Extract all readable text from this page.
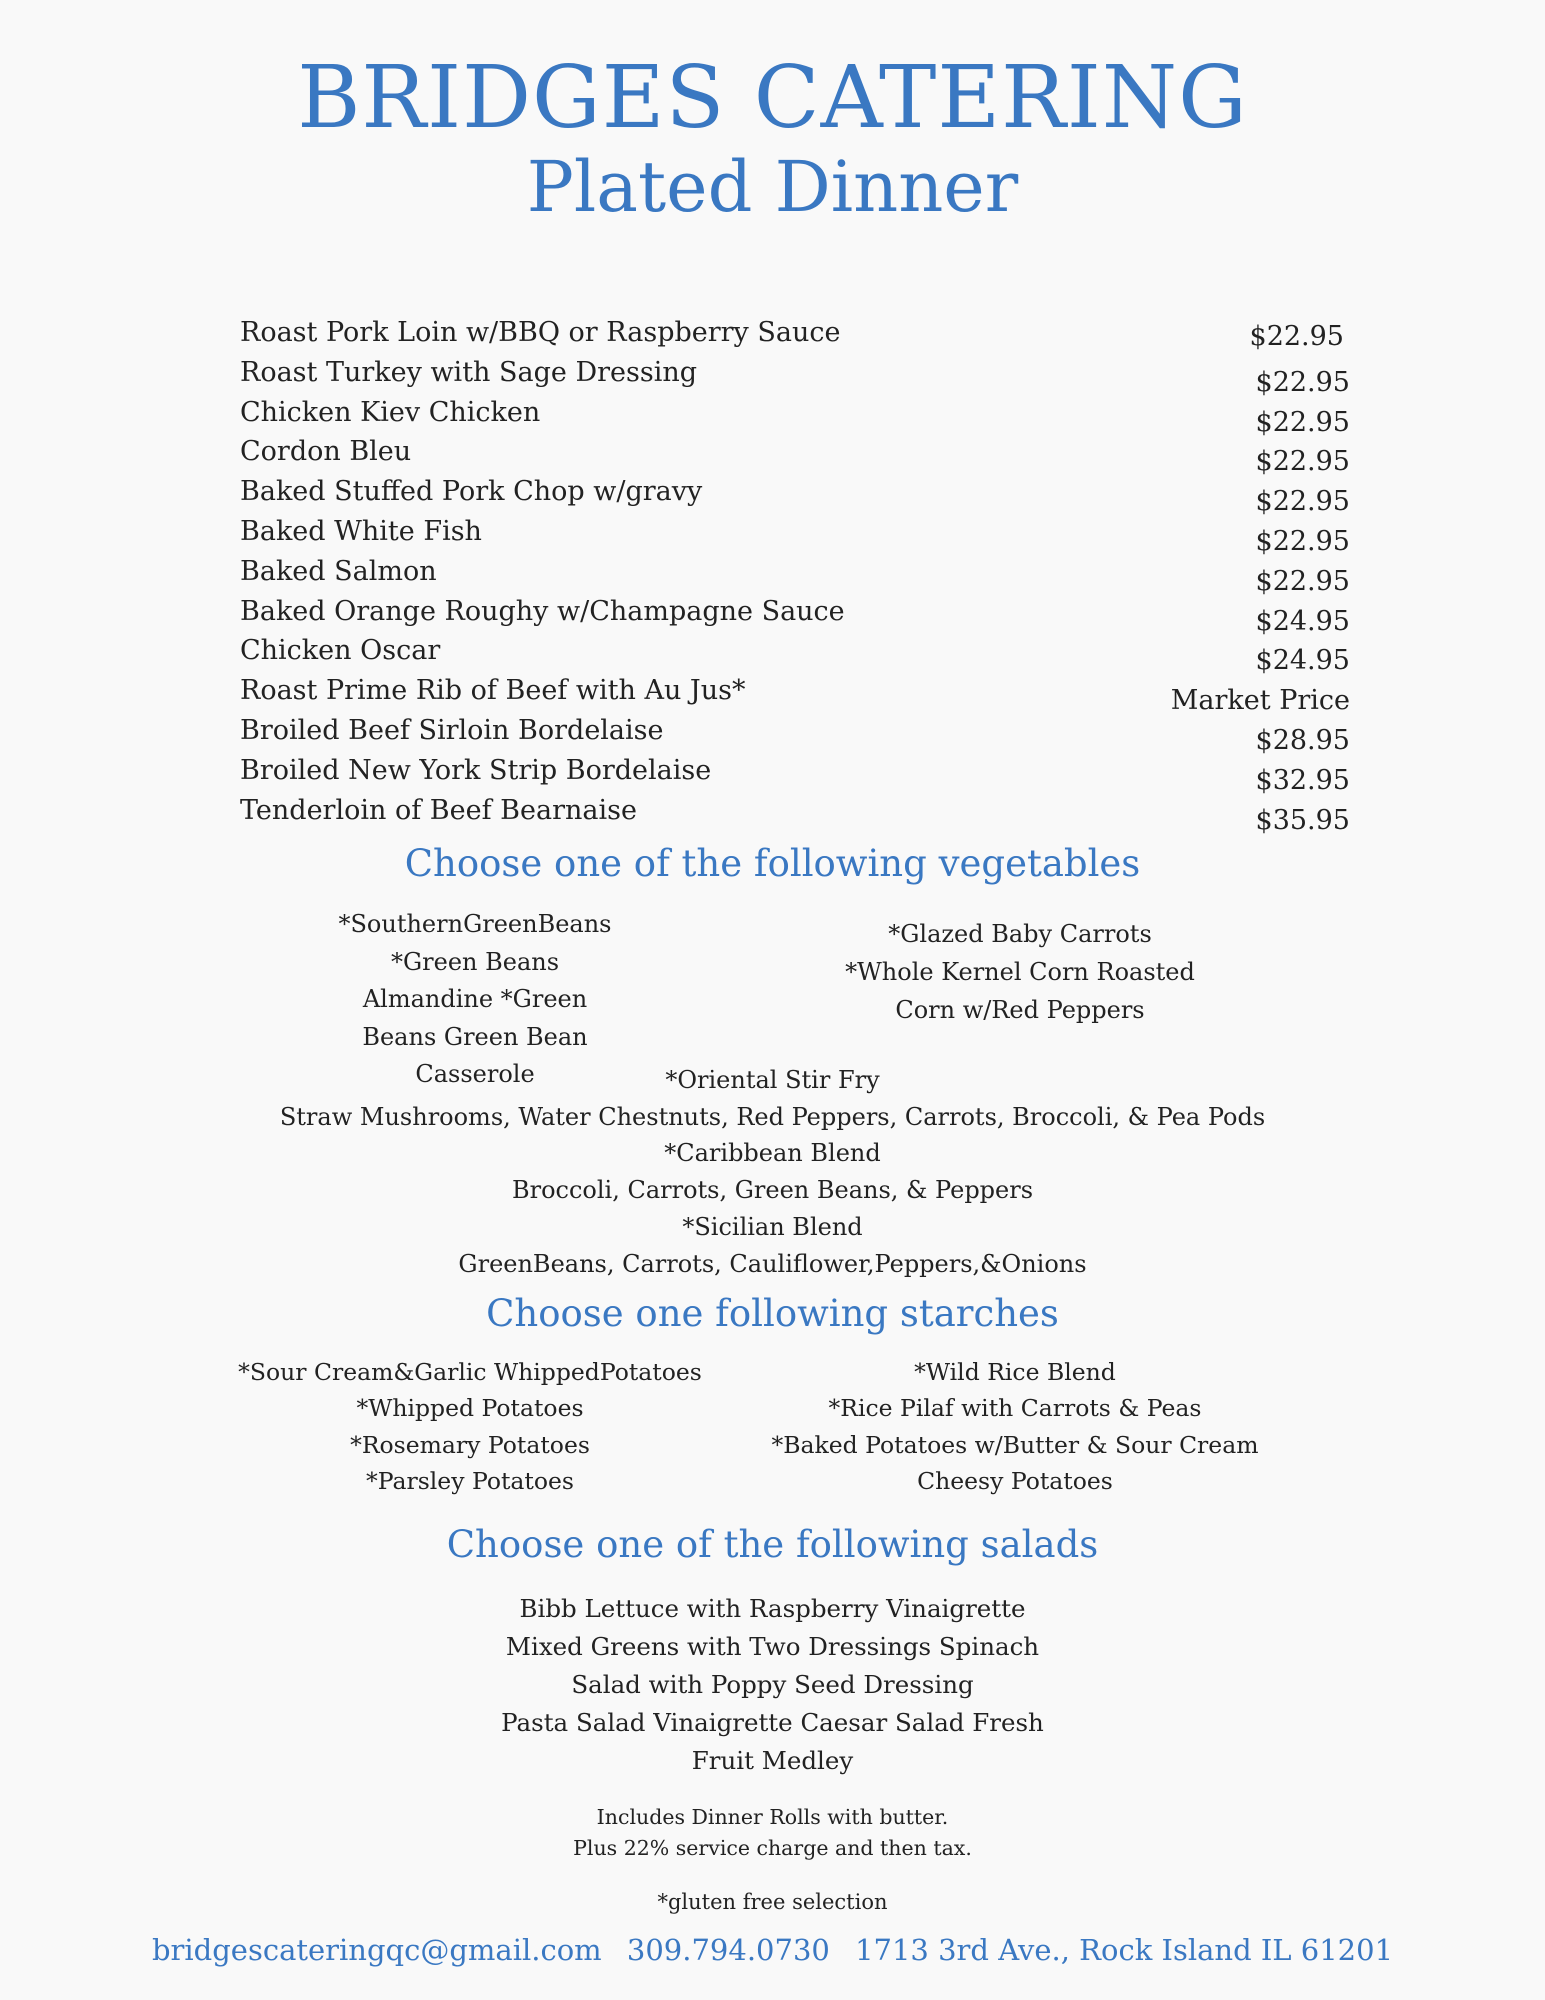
BRIDGES CATERING
Plated Dinner
Roast Pork Loin w/BBQ or Raspberry Sauce	$22.95
Roast Turkey with Sage Dressing	$22.95
Chicken Kiev Chicken	$22.95
Cordon Bleu	$22.95
Baked Stuffed Pork Chop w/gravy	$22.95
Baked White Fish	$22.95
Baked Salmon	$22.95
Baked Orange Roughy w/Champagne Sauce	$24.95
Chicken Oscar	$24.95
Roast Prime Rib of Beef with Au Jus*	Market Price
Broiled Beef Sirloin Bordelaise	$28.95
Broiled New York Strip Bordelaise	$32.95
Tenderloin of Beef Bearnaise	$35.95
Choose one of the following vegetables
*SouthernGreenBeans
*Green Beans
Almandine *Green
Beans Green Bean
Casserole
*Glazed Baby Carrots
*Whole Kernel Corn Roasted
Corn w/Red Peppers
*Oriental Stir Fry
Straw Mushrooms, Water Chestnuts, Red Peppers, Carrots, Broccoli, & Pea Pods
*Caribbean Blend
Broccoli, Carrots, Green Beans, & Peppers
*Sicilian Blend
GreenBeans, Carrots, Cauliflower,Peppers,&Onions
Choose one following starches
*Sour Cream&Garlic WhippedPotatoes
*Whipped Potatoes
*Rosemary Potatoes
*Parsley Potatoes
*Wild Rice Blend
*Rice Pilaf with Carrots & Peas
*Baked Potatoes w/Butter & Sour Cream
Cheesy Potatoes
Choose one of the following salads
Bibb Lettuce with Raspberry Vinaigrette
Mixed Greens with Two Dressings Spinach
Salad with Poppy Seed Dressing
Pasta Salad Vinaigrette Caesar Salad Fresh
Fruit Medley
Includes Dinner Rolls with butter.
Plus 22% service charge and then tax.
*gluten free selection
bridgescateringqc@gmail.com 309.794.0730 1713 3rd Ave., Rock Island IL 61201
